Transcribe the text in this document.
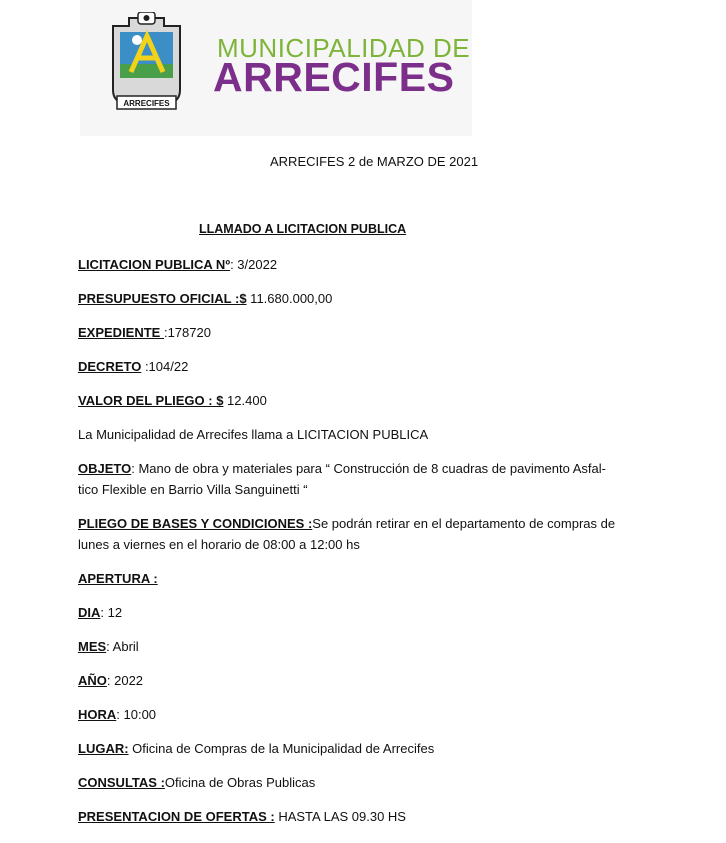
ARRECIFES
MUNICIPALIDAD DE
ARRECIFES
ARRECIFES 2 de MARZO DE 2021
LLAMADO A LICITACION PUBLICA
LICITACION PUBLICA Nº: 3/2022
PRESUPUESTO OFICIAL :$ 11.680.000,00
EXPEDIENTE :178720
DECRETO :104/22
VALOR DEL PLIEGO : $ 12.400
La Municipalidad de Arrecifes llama a LICITACION PUBLICA
OBJETO: Mano de obra y materiales para “ Construcción de 8 cuadras de pavimento Asfal-tico Flexible en Barrio Villa Sanguinetti “
PLIEGO DE BASES Y CONDICIONES :Se podrán retirar en el departamento de compras de lunes a viernes en el horario de 08:00 a 12:00 hs
APERTURA :
DIA: 12
MES: Abril
AÑO: 2022
HORA: 10:00
LUGAR: Oficina de Compras de la Municipalidad de Arrecifes
CONSULTAS :Oficina de Obras Publicas
PRESENTACION DE OFERTAS : HASTA LAS 09.30 HS
